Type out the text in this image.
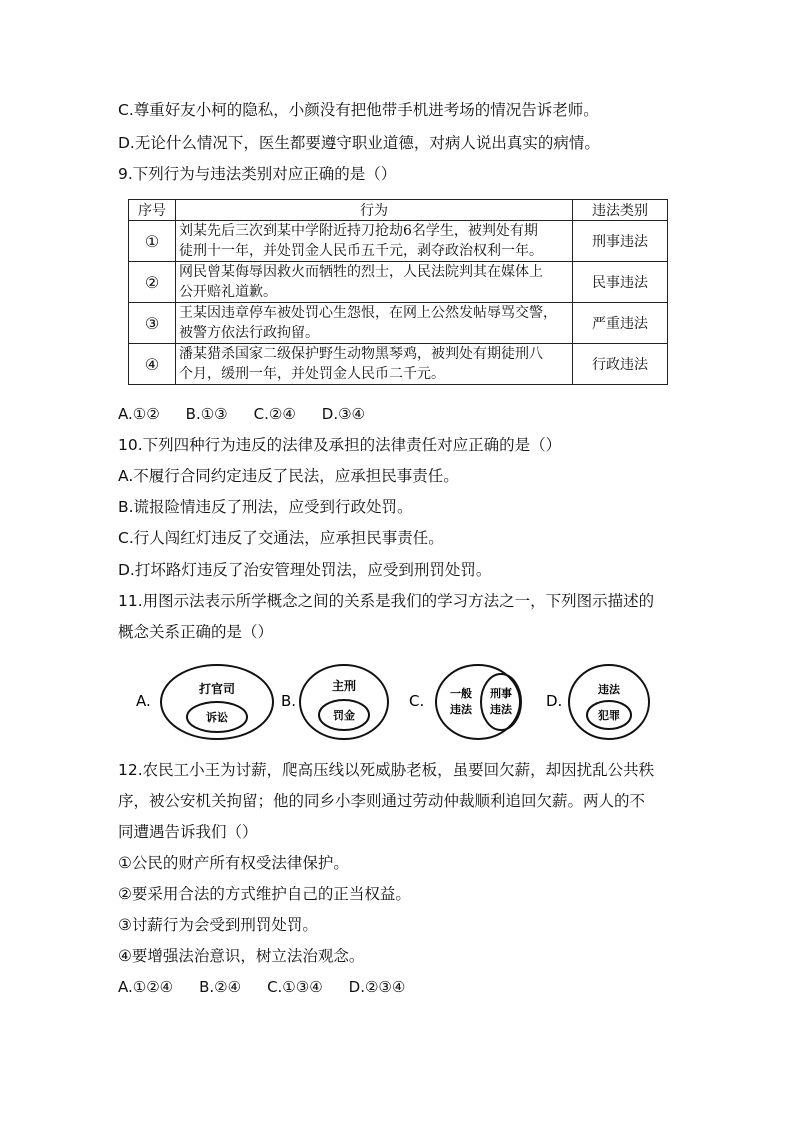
C.尊重好友小柯的隐私，小颜没有把他带手机进考场的情况告诉老师。
D.无论什么情况下，医生都要遵守职业道德，对病人说出真实的病情。
9.下列行为与违法类别对应正确的是（）
序号	行为	违法类别
①	刘某先后三次到某中学附近持刀抢劫6名学生，被判处有期
徒刑十一年，并处罚金人民币五千元，剥夺政治权利一年。	刑事违法
②	网民曾某侮辱因救火而牺牲的烈士，人民法院判其在媒体上
公开赔礼道歉。	民事违法
③	王某因违章停车被处罚心生怨恨，在网上公然发帖辱骂交警，
被警方依法行政拘留。	严重违法
④	潘某猎杀国家二级保护野生动物黑琴鸡，被判处有期徒刑八
个月，缓刑一年，并处罚金人民币二千元。	行政违法
A.①② B.①③ C.②④ D.③④
10.下列四种行为违反的法律及承担的法律责任对应正确的是（）
A.不履行合同约定违反了民法，应承担民事责任。
B.谎报险情违反了刑法，应受到行政处罚。
C.行人闯红灯违反了交通法，应承担民事责任。
D.打坏路灯违反了治安管理处罚法，应受到刑罚处罚。
11.用图示法表示所学概念之间的关系是我们的学习方法之一，下列图示描述的
概念关系正确的是（）
A.
打官司
诉讼
B.
主刑
罚金
C. 一般
违法
刑事
违法 D.
违法
犯罪
12.农民工小王为讨薪，爬高压线以死威胁老板，虽要回欠薪，却因扰乱公共秩
序，被公安机关拘留；他的同乡小李则通过劳动仲裁顺利追回欠薪。两人的不
同遭遇告诉我们（）
①公民的财产所有权受法律保护。
②要采用合法的方式维护自己的正当权益。
③讨薪行为会受到刑罚处罚。
④要增强法治意识，树立法治观念。
A.①②④ B.②④ C.①③④ D.②③④
